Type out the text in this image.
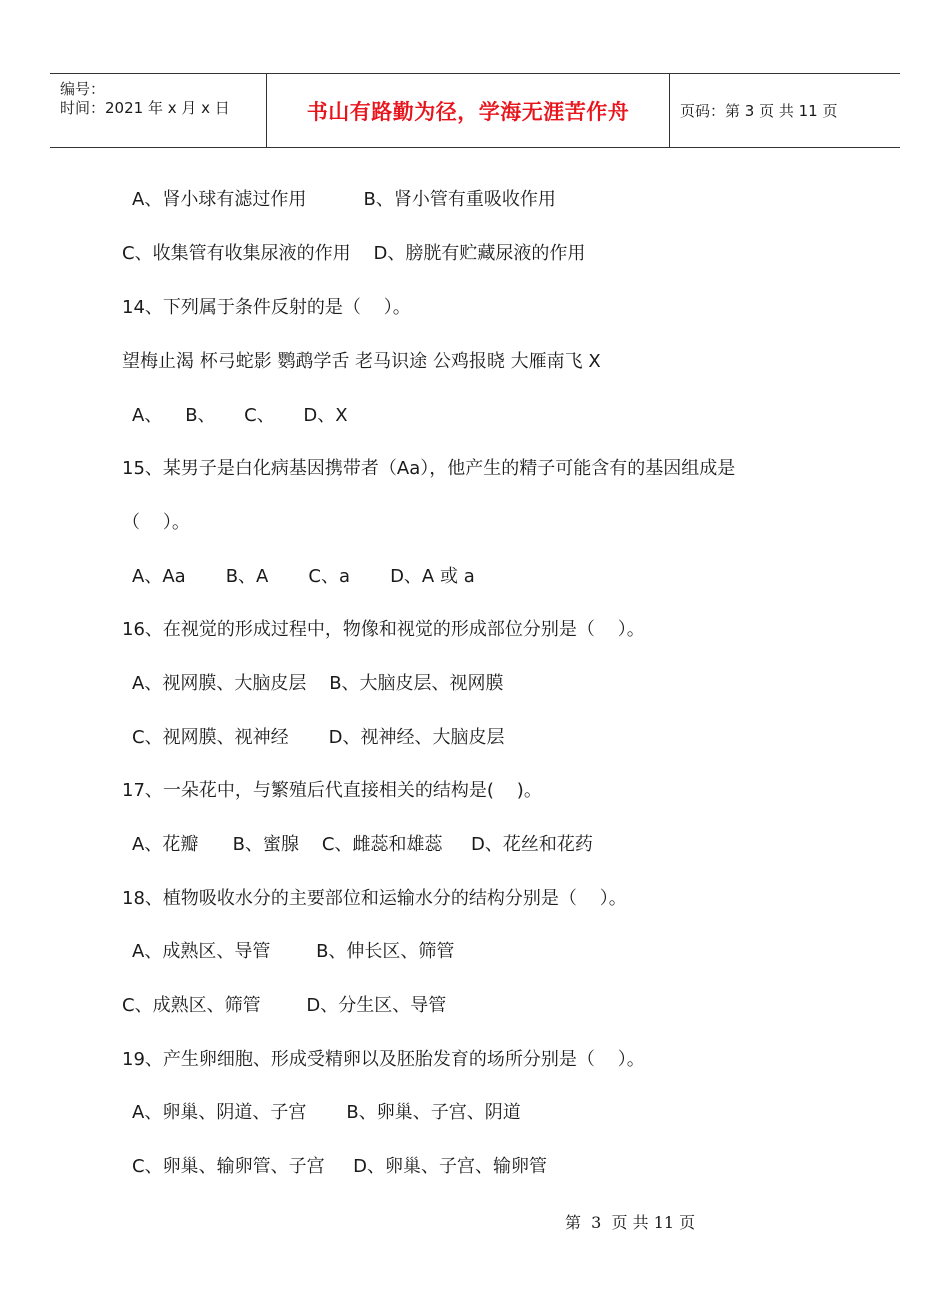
编号：
时间：2021 年 x 月 x 日	书山有路勤为径，学海无涯苦作舟	页码：第 3 页 共 11 页
A、肾小球有滤过作用          B、肾小管有重吸收作用
C、收集管有收集尿液的作用    D、膀胱有贮藏尿液的作用
14、下列属于条件反射的是（    ）。
望梅止渴 杯弓蛇影 鹦鹉学舌 老马识途 公鸡报晓 大雁南飞 X
A、    B、     C、     D、X
15、某男子是白化病基因携带者（Aa），他产生的精子可能含有的基因组成是
（    ）。
A、Aa       B、A       C、a       D、A 或 a
16、在视觉的形成过程中，物像和视觉的形成部位分别是（    ）。
A、视网膜、大脑皮层    B、大脑皮层、视网膜
C、视网膜、视神经       D、视神经、大脑皮层
17、一朵花中，与繁殖后代直接相关的结构是(    )。
A、花瓣      B、蜜腺    C、雌蕊和雄蕊     D、花丝和花药
18、植物吸收水分的主要部位和运输水分的结构分别是（    ）。
A、成熟区、导管        B、伸长区、筛管
C、成熟区、筛管        D、分生区、导管
19、产生卵细胞、形成受精卵以及胚胎发育的场所分别是（    ）。
A、卵巢、阴道、子宫       B、卵巢、子宫、阴道
C、卵巢、输卵管、子宫     D、卵巢、子宫、输卵管
第  3  页 共 11 页
